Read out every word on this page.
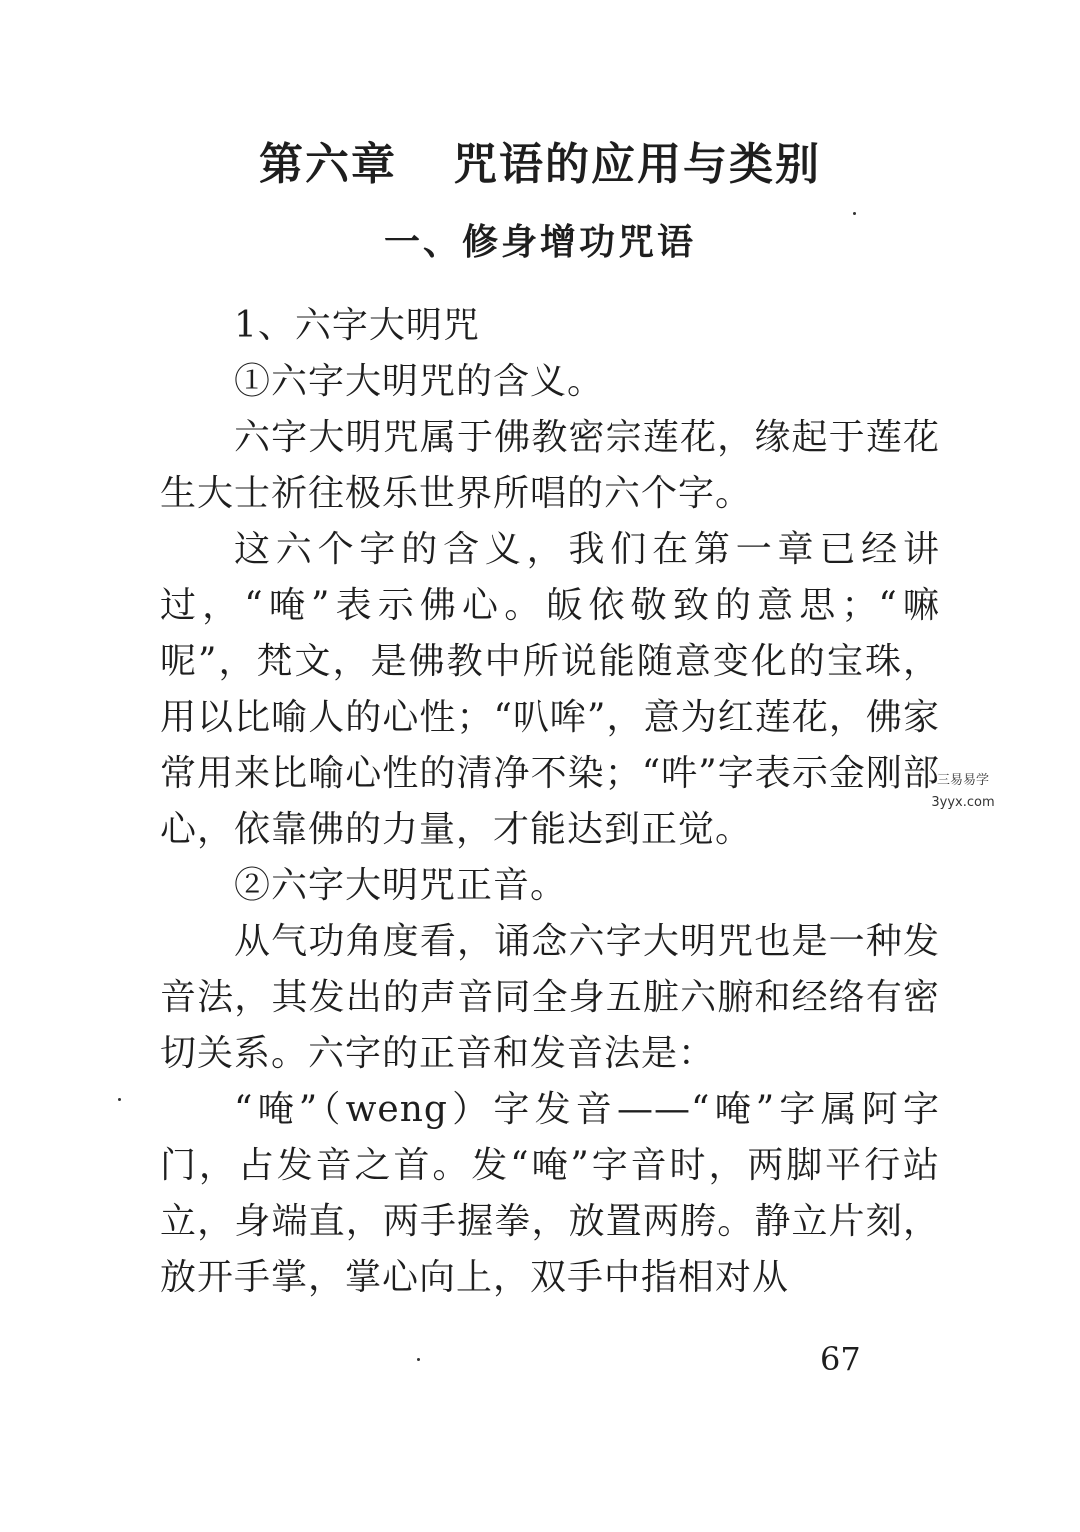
第六章 咒语的应用与类别
一、修身增功咒语

1、六字大明咒

①六字大明咒的含义。

六字大明咒属于佛教密宗莲花，缘起于莲花生大士祈往极乐世界所唱的六个字。

这六个字的含义，我们在第一章已经讲过，“唵”表示佛心。皈依敬致的意思；“嘛呢”，梵文，是佛教中所说能随意变化的宝珠，用以比喻人的心性；“叭哞”，意为红莲花，佛家常用来比喻心性的清净不染；“吽”字表示金刚部心，依靠佛的力量，才能达到正觉。

②六字大明咒正音。

从气功角度看，诵念六字大明咒也是一种发音法，其发出的声音同全身五脏六腑和经络有密切关系。六字的正音和发音法是：

“唵”（weng）字发音——“唵”字属阿字门，占发音之首。发“唵”字音时，两脚平行站立，身端直，两手握拳，放置两胯。静立片刻，放开手掌，掌心向上，双手中指相对从

67
三易易学
3yyx.com
